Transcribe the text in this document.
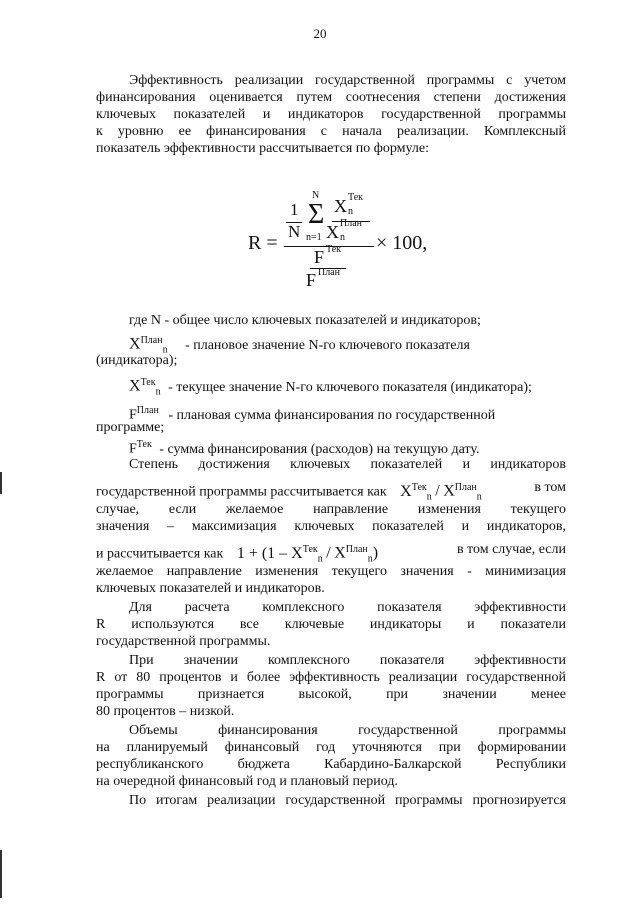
20
Эффективность реализации государственной программы с учетом
финансирования оценивается путем соотнесения степени достижения
ключевых показателей и индикаторов государственной программы
к уровню ее финансирования с начала реализации. Комплексный
показатель эффективности рассчитывается по формуле:
R =
1
N
N
Σ
n=1
X Тек
n
X План
n
F Тек
F План
× 100,
где N - общее число ключевых показателей и индикаторов;
$X^{План}_n$ - плановое значение N-го ключевого показателя
(индикатора);
$X^{Тек}_n$ - текущее значение N-го ключевого показателя (индикатора);
$F^{План}$ - плановая сумма финансирования по государственной
программе;
$F^{Тек}$ - сумма финансирования (расходов) на текущую дату.
Степень достижения ключевых показателей и индикаторов
государственной программы рассчитывается как $X^{Тек}_n / X^{План}_n$
в том
случае, если желаемое направление изменения текущего
значения – максимизация ключевых показателей и индикаторов,
и рассчитывается как $1 + (1 - X^{Тек}_n / X^{План}_n)$	в том случае, если
желаемое направление изменения текущего значения - минимизация
ключевых показателей и индикаторов.
Для расчета комплексного показателя эффективности
R используются все ключевые индикаторы и показатели
государственной программы.
При значении комплексного показателя эффективности
R от 80 процентов и более эффективность реализации государственной
программы признается высокой, при значении менее
80 процентов – низкой.
Объемы финансирования государственной программы
на планируемый финансовый год уточняются при формировании
республиканского бюджета Кабардино-Балкарской Республики
на очередной финансовый год и плановый период.
По итогам реализации государственной программы прогнозируется
